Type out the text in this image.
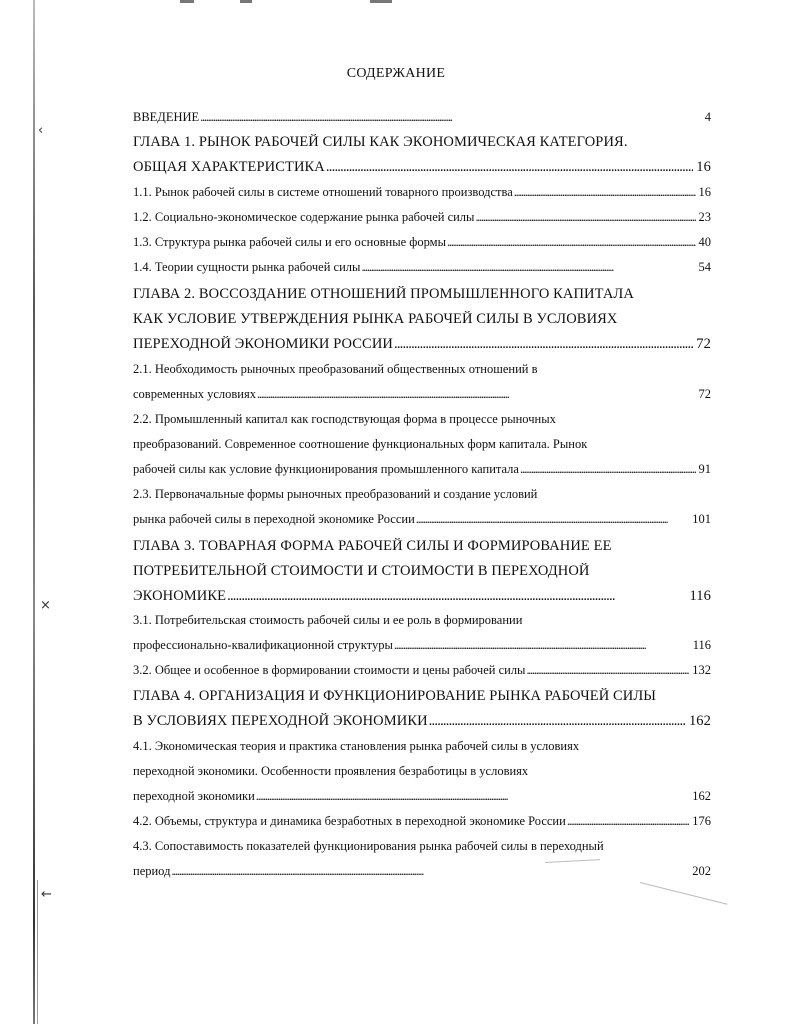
‹
×
←
СОДЕРЖАНИЕ
ВВЕДЕНИЕ . . .	4
ГЛАВА 1. РЫНОК РАБОЧЕЙ СИЛЫ КАК ЭКОНОМИЧЕСКАЯ КАТЕГОРИЯ.
ОБЩАЯ ХАРАКТЕРИСТИКА . . .	16
1.1. Рынок рабочей силы в системе отношений товарного производства . . .	16
1.2. Социально-экономическое содержание рынка рабочей силы . . .	23
1.3. Структура рынка рабочей силы и его основные формы . . .	40
1.4. Теории сущности рынка рабочей силы . . .	54
ГЛАВА 2. ВОССОЗДАНИЕ ОТНОШЕНИЙ ПРОМЫШЛЕННОГО КАПИТАЛА
КАК УСЛОВИЕ УТВЕРЖДЕНИЯ РЫНКА РАБОЧЕЙ СИЛЫ В УСЛОВИЯХ
ПЕРЕХОДНОЙ ЭКОНОМИКИ РОССИИ . . .	72
2.1. Необходимость рыночных преобразований общественных отношений в
современных условиях . . .	72
2.2. Промышленный капитал как господствующая форма в процессе рыночных
преобразований. Современное соотношение функциональных форм капитала. Рынок
рабочей силы как условие функционирования промышленного капитала . . .	91
2.3. Первоначальные формы рыночных преобразований и создание условий
рынка рабочей силы в переходной экономике России . . .	101
ГЛАВА 3. ТОВАРНАЯ ФОРМА РАБОЧЕЙ СИЛЫ И ФОРМИРОВАНИЕ ЕЕ
ПОТРЕБИТЕЛЬНОЙ СТОИМОСТИ И СТОИМОСТИ В ПЕРЕХОДНОЙ
ЭКОНОМИКЕ . . .	116
3.1. Потребительская стоимость рабочей силы и ее роль в формировании
профессионально-квалификационной структуры . . .	116
3.2. Общее и особенное в формировании стоимости и цены рабочей силы . . .	132
ГЛАВА 4. ОРГАНИЗАЦИЯ И ФУНКЦИОНИРОВАНИЕ РЫНКА РАБОЧЕЙ СИЛЫ
В УСЛОВИЯХ ПЕРЕХОДНОЙ ЭКОНОМИКИ . . .	162
4.1. Экономическая теория и практика становления рынка рабочей силы в условиях
переходной экономики. Особенности проявления безработицы в условиях
переходной экономики . . .	162
4.2. Объемы, структура и динамика безработных в переходной экономике России . . .	176
4.3. Сопоставимость показателей функционирования рынка рабочей силы в переходный
период . . .	202
